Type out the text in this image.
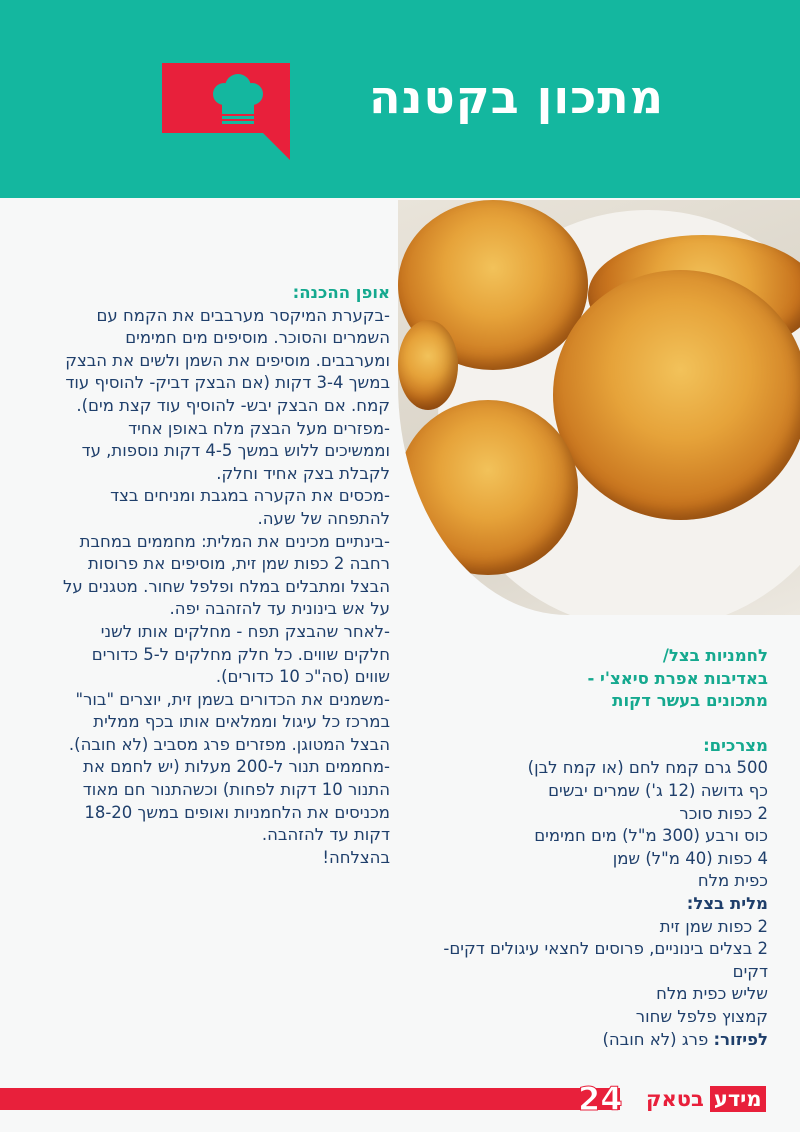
מתכון בקטנה
אופן ההכנה:
-בקערת המיקסר מערבבים את הקמח עם
השמרים והסוכר. מוסיפים מים חמימים
ומערבבים. מוסיפים את השמן ולשים את הבצק
במשך 3-4 דקות (אם הבצק דביק- להוסיף עוד
קמח. אם הבצק יבש- להוסיף עוד קצת מים).
-מפזרים מעל הבצק מלח באופן אחיד
וממשיכים ללוש במשך 4-5 דקות נוספות, עד
לקבלת בצק אחיד וחלק.
-מכסים את הקערה במגבת ומניחים בצד
להתפחה של שעה.
-בינתיים מכינים את המלית: מחממים במחבת
רחבה 2 כפות שמן זית, מוסיפים את פרוסות
הבצל ומתבלים במלח ופלפל שחור. מטגנים על
על אש בינונית עד להזהבה יפה.
-לאחר שהבצק תפח - מחלקים אותו לשני
חלקים שווים. כל חלק מחלקים ל-5 כדורים
שווים (סה"כ 10 כדורים).
-משמנים את הכדורים בשמן זית, יוצרים "בור"
במרכז כל עיגול וממלאים אותו בכף ממלית
הבצל המטוגן. מפזרים פרג מסביב (לא חובה).
-מחממים תנור ל-200 מעלות (יש לחמם את
התנור 10 דקות לפחות) וכשהתנור חם מאוד
מכניסים את הלחמניות ואופים במשך 18-20
דקות עד להזהבה.
בהצלחה!
לחמניות בצל/
באדיבות אפרת סיאצ'י -
מתכונים בעשר דקות
מצרכים:
500 גרם קמח לחם (או קמח לבן)
כף גדושה (12 ג') שמרים יבשים
2 כפות סוכר
כוס ורבע (300 מ"ל) מים חמימים
4 כפות (40 מ"ל) שמן
כפית מלח
מלית בצל:
2 כפות שמן זית
2 בצלים בינוניים, פרוסים לחצאי עיגולים דקים-
דקים
שליש כפית מלח
קמצוץ פלפל שחור
לפיזור: פרג (לא חובה)
24	מידע
בטאק
